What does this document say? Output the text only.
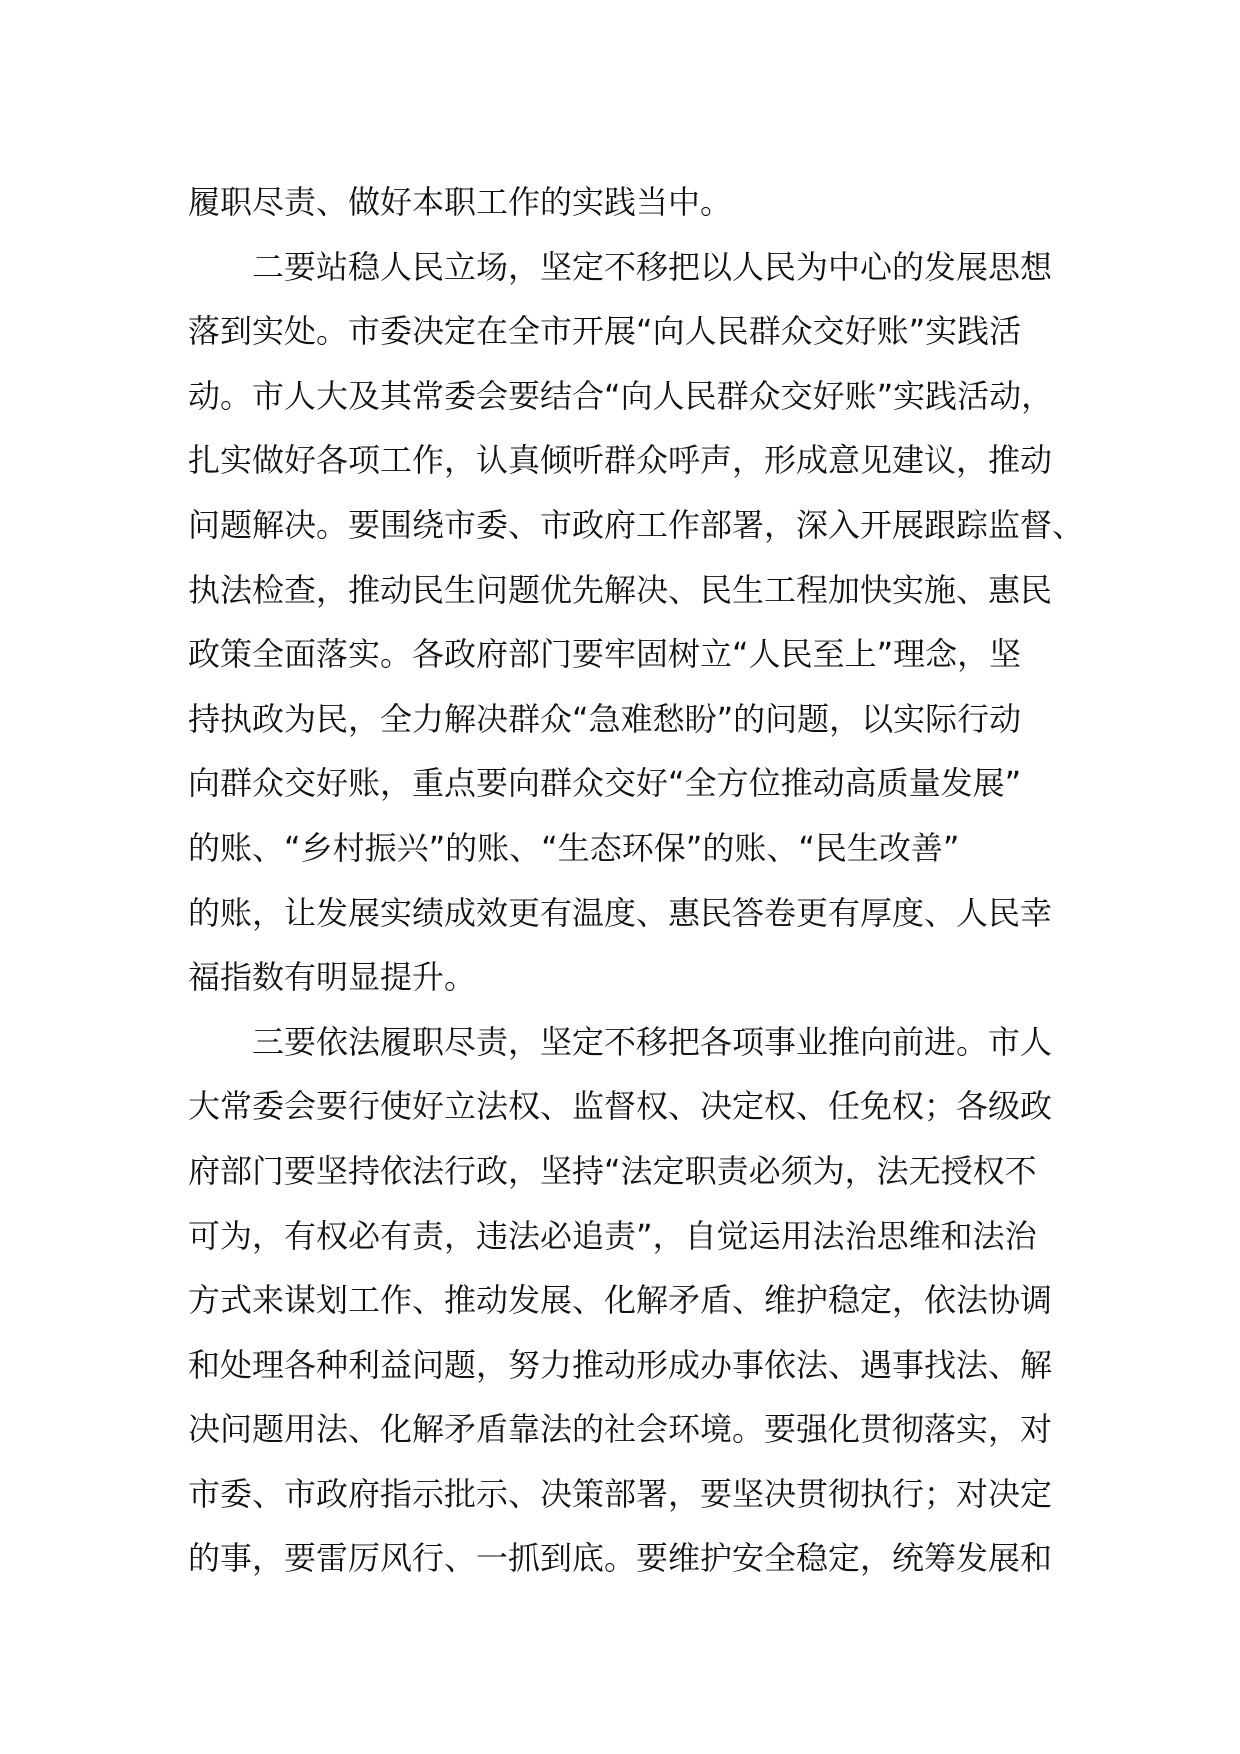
履职尽责、做好本职工作的实践当中。
二要站稳人民立场，坚定不移把以人民为中心的发展思想
落到实处。市委决定在全市开展“向人民群众交好账”实践活
动。市人大及其常委会要结合“向人民群众交好账”实践活动，
扎实做好各项工作，认真倾听群众呼声，形成意见建议，推动
问题解决。要围绕市委、市政府工作部署，深入开展跟踪监督、
执法检查，推动民生问题优先解决、民生工程加快实施、惠民
政策全面落实。各政府部门要牢固树立“人民至上”理念，坚
持执政为民，全力解决群众“急难愁盼”的问题，以实际行动
向群众交好账，重点要向群众交好“全方位推动高质量发展”
的账、“乡村振兴”的账、“生态环保”的账、“民生改善”
的账，让发展实绩成效更有温度、惠民答卷更有厚度、人民幸
福指数有明显提升。
三要依法履职尽责，坚定不移把各项事业推向前进。市人
大常委会要行使好立法权、监督权、决定权、任免权；各级政
府部门要坚持依法行政，坚持“法定职责必须为，法无授权不
可为，有权必有责，违法必追责”，自觉运用法治思维和法治
方式来谋划工作、推动发展、化解矛盾、维护稳定，依法协调
和处理各种利益问题，努力推动形成办事依法、遇事找法、解
决问题用法、化解矛盾靠法的社会环境。要强化贯彻落实，对
市委、市政府指示批示、决策部署，要坚决贯彻执行；对决定
的事，要雷厉风行、一抓到底。要维护安全稳定，统筹发展和
